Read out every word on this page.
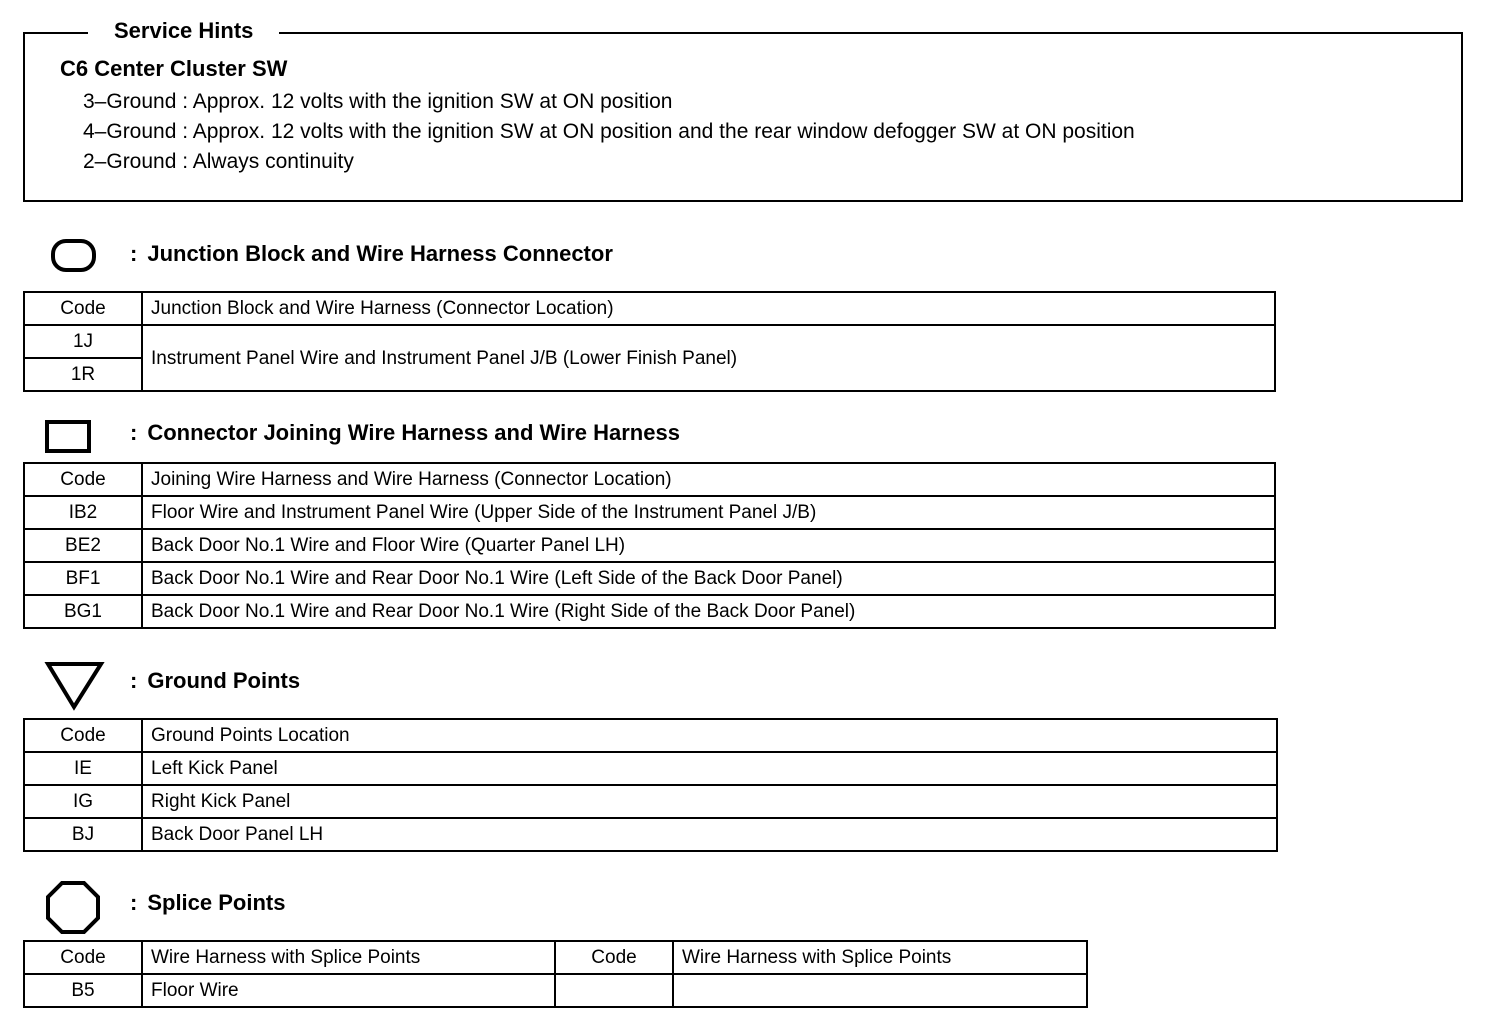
C6 Center Cluster SW
3–Ground : Approx. 12 volts with the ignition SW at ON position
4–Ground : Approx. 12 volts with the ignition SW at ON position and the rear window defogger SW at ON position
2–Ground : Always continuity
Service Hints
: Junction Block and Wire Harness Connector
Code	Junction Block and Wire Harness (Connector Location)
1J	Instrument Panel Wire and Instrument Panel J/B (Lower Finish Panel)
1R	
: Connector Joining Wire Harness and Wire Harness
Code	Joining Wire Harness and Wire Harness (Connector Location)
IB2	Floor Wire and Instrument Panel Wire (Upper Side of the Instrument Panel J/B)
BE2	Back Door No.1 Wire and Floor Wire (Quarter Panel LH)
BF1	Back Door No.1 Wire and Rear Door No.1 Wire (Left Side of the Back Door Panel)
BG1	Back Door No.1 Wire and Rear Door No.1 Wire (Right Side of the Back Door Panel)
: Ground Points
Code	Ground Points Location
IE	Left Kick Panel
IG	Right Kick Panel
BJ	Back Door Panel LH
: Splice Points
Code	Wire Harness with Splice Points	Code	Wire Harness with Splice Points
B5	Floor Wire		
